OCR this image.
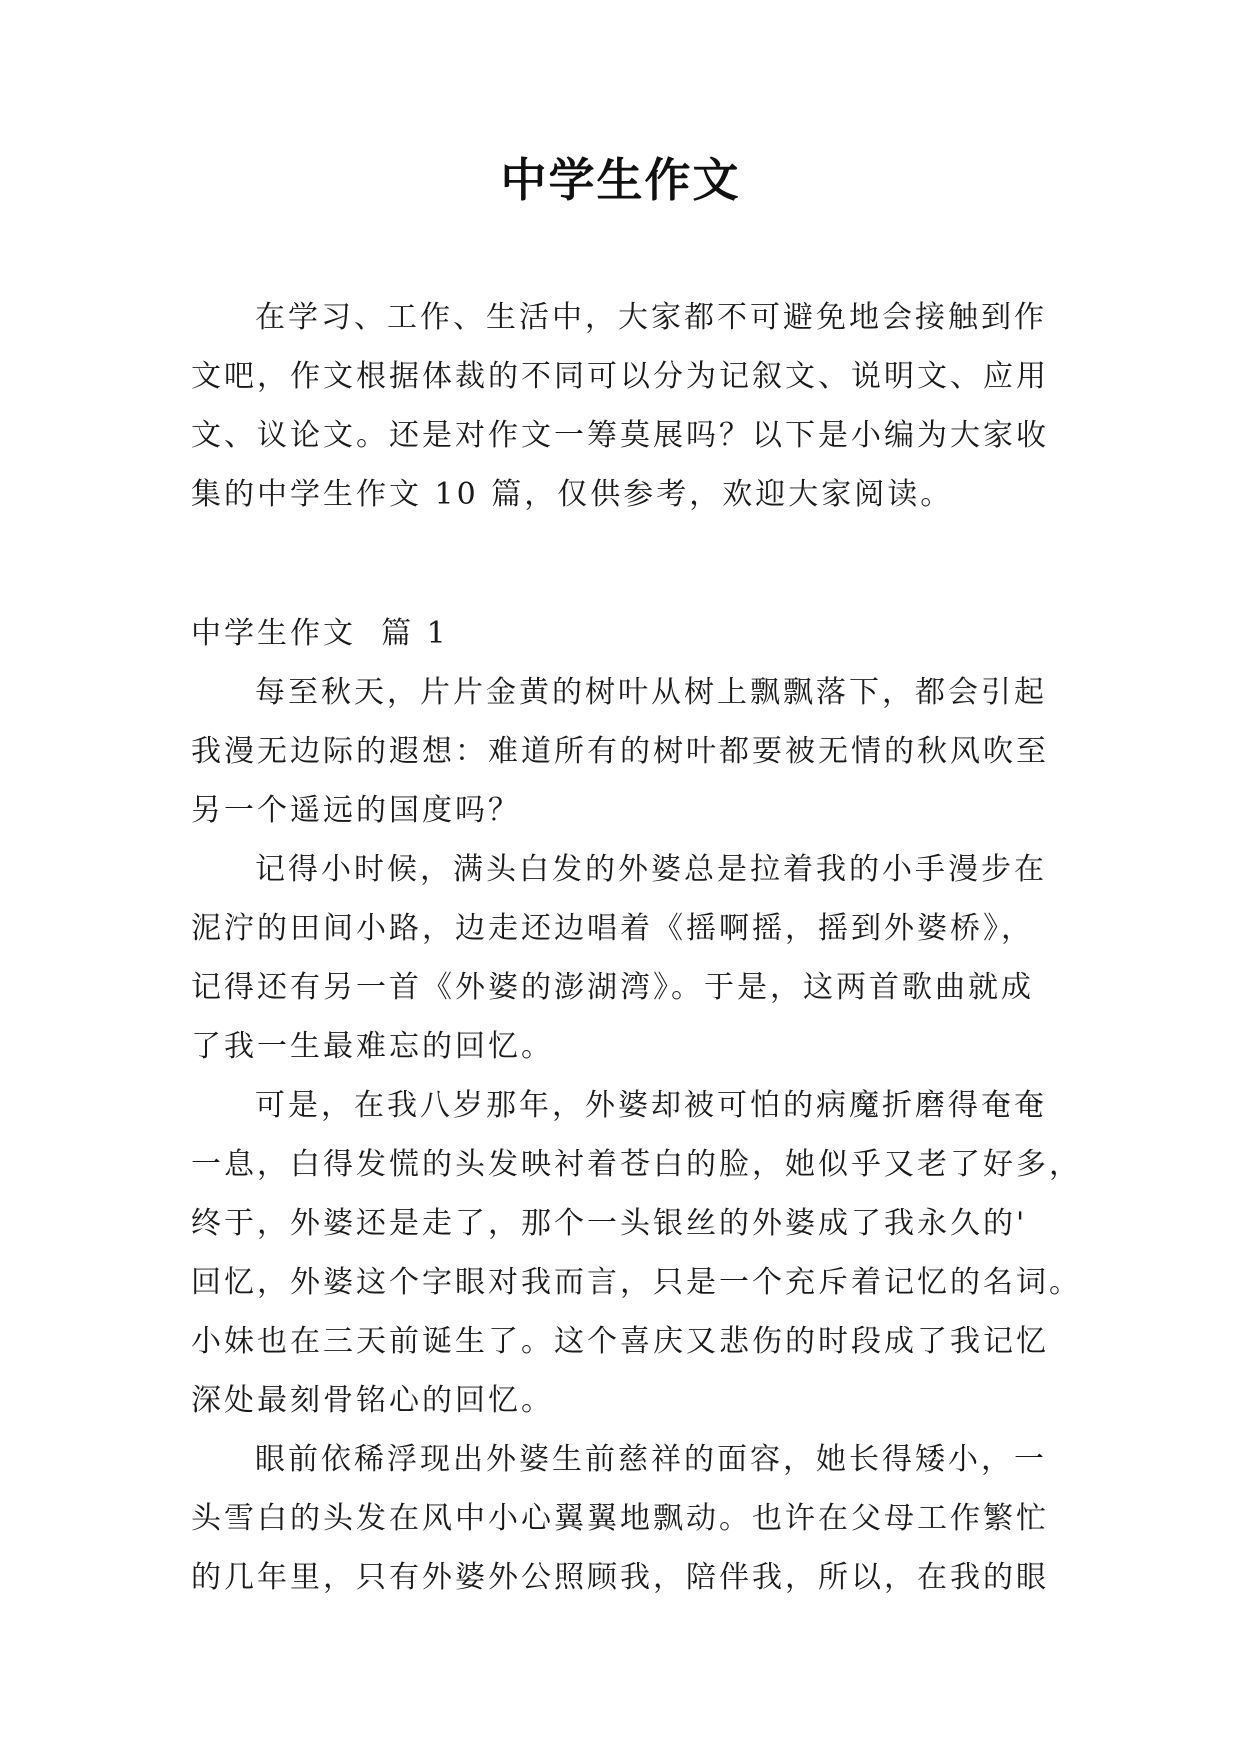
中学生作文
在学习、工作、生活中，大家都不可避免地会接触到作
文吧，作文根据体裁的不同可以分为记叙文、说明文、应用
文、议论文。还是对作文一筹莫展吗？以下是小编为大家收
集的中学生作文 10 篇，仅供参考，欢迎大家阅读。
中学生作文  篇 1
每至秋天，片片金黄的树叶从树上飘飘落下，都会引起
我漫无边际的遐想：难道所有的树叶都要被无情的秋风吹至
另一个遥远的国度吗？
记得小时候，满头白发的外婆总是拉着我的小手漫步在
泥泞的田间小路，边走还边唱着《摇啊摇，摇到外婆桥》，
记得还有另一首《外婆的澎湖湾》。于是，这两首歌曲就成
了我一生最难忘的回忆。
可是，在我八岁那年，外婆却被可怕的病魔折磨得奄奄
一息，白得发慌的头发映衬着苍白的脸，她似乎又老了好多，
终于，外婆还是走了，那个一头银丝的外婆成了我永久的'
回忆，外婆这个字眼对我而言，只是一个充斥着记忆的名词。
小妹也在三天前诞生了。这个喜庆又悲伤的时段成了我记忆
深处最刻骨铭心的回忆。
眼前依稀浮现出外婆生前慈祥的面容，她长得矮小，一
头雪白的头发在风中小心翼翼地飘动。也许在父母工作繁忙
的几年里，只有外婆外公照顾我，陪伴我，所以，在我的眼
